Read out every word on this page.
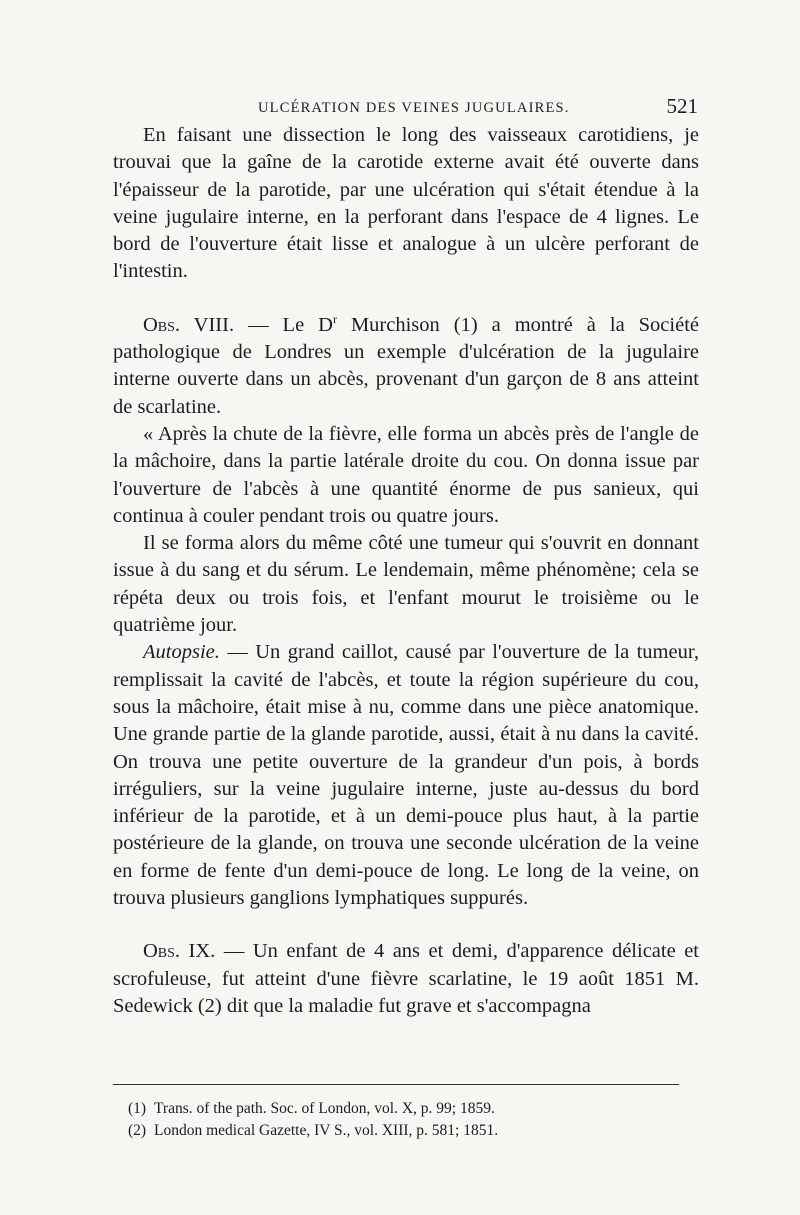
ULCÉRATION DES VEINES JUGULAIRES.	521

En faisant une dissection le long des vaisseaux carotidiens, je trouvai que la gaîne de la carotide externe avait été ouverte dans l'épaisseur de la parotide, par une ulcération qui s'était étendue à la veine jugulaire interne, en la perforant dans l'espace de 4 lignes. Le bord de l'ouverture était lisse et analogue à un ulcère perforant de l'intestin.

Obs. VIII. — Le $D^r$ Murchison (1) a montré à la Société pathologique de Londres un exemple d'ulcération de la jugulaire interne ouverte dans un abcès, provenant d'un garçon de 8 ans atteint de scarlatine.

« Après la chute de la fièvre, elle forma un abcès près de l'angle de la mâchoire, dans la partie latérale droite du cou. On donna issue par l'ouverture de l'abcès à une quantité énorme de pus sanieux, qui continua à couler pendant trois ou quatre jours.

Il se forma alors du même côté une tumeur qui s'ouvrit en donnant issue à du sang et du sérum. Le lendemain, même phénomène; cela se répéta deux ou trois fois, et l'enfant mourut le troisième ou le quatrième jour.

Autopsie. — Un grand caillot, causé par l'ouverture de la tumeur, remplissait la cavité de l'abcès, et toute la région supérieure du cou, sous la mâchoire, était mise à nu, comme dans une pièce anatomique. Une grande partie de la glande parotide, aussi, était à nu dans la cavité. On trouva une petite ouverture de la grandeur d'un pois, à bords irréguliers, sur la veine jugulaire interne, juste au-dessus du bord inférieur de la parotide, et à un demi-pouce plus haut, à la partie postérieure de la glande, on trouva une seconde ulcération de la veine en forme de fente d'un demi-pouce de long. Le long de la veine, on trouva plusieurs ganglions lymphatiques suppurés.

Obs. IX. — Un enfant de 4 ans et demi, d'apparence délicate et scrofuleuse, fut atteint d'une fièvre scarlatine, le 19 août 1851 M. Sedewick (2) dit que la maladie fut grave et s'accompagna

(1) Trans. of the path. Soc. of London, vol. X, p. 99; 1859.
(2) London medical Gazette, IV S., vol. XIII, p. 581; 1851.
